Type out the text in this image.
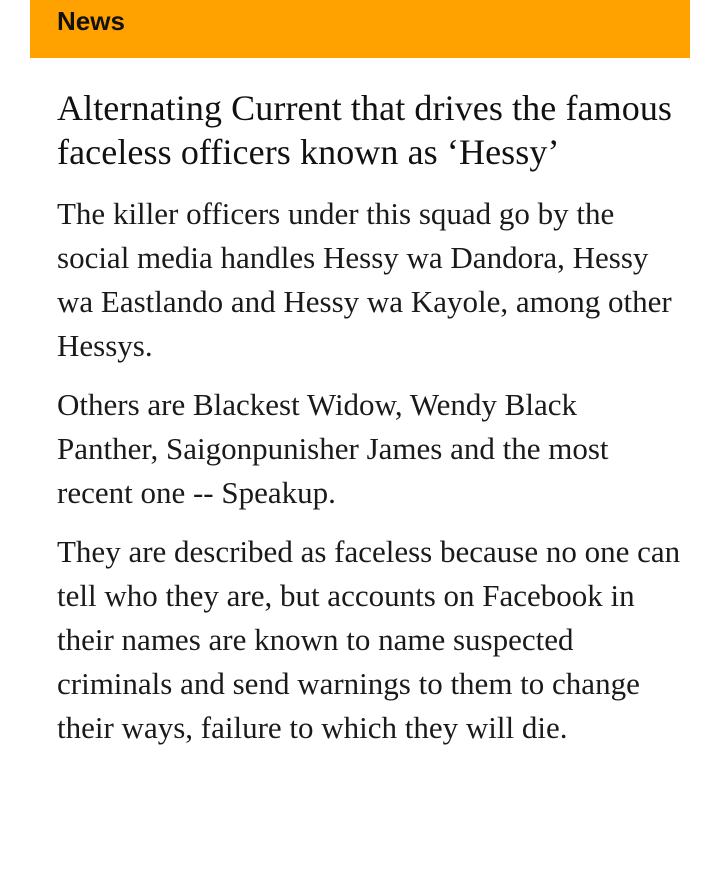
News
Alternating Current that drives the famous faceless officers known as ‘Hessy’

The killer officers under this squad go by the social media handles Hessy wa Dandora, Hessy wa Eastlando and Hessy wa Kayole, among other Hessys.

Others are Blackest Widow, Wendy Black Panther, Saigonpunisher James and the most recent one -- Speakup.

They are described as faceless because no one can tell who they are, but accounts on Facebook in their names are known to name suspected criminals and send warnings to them to change their ways, failure to which they will die.
